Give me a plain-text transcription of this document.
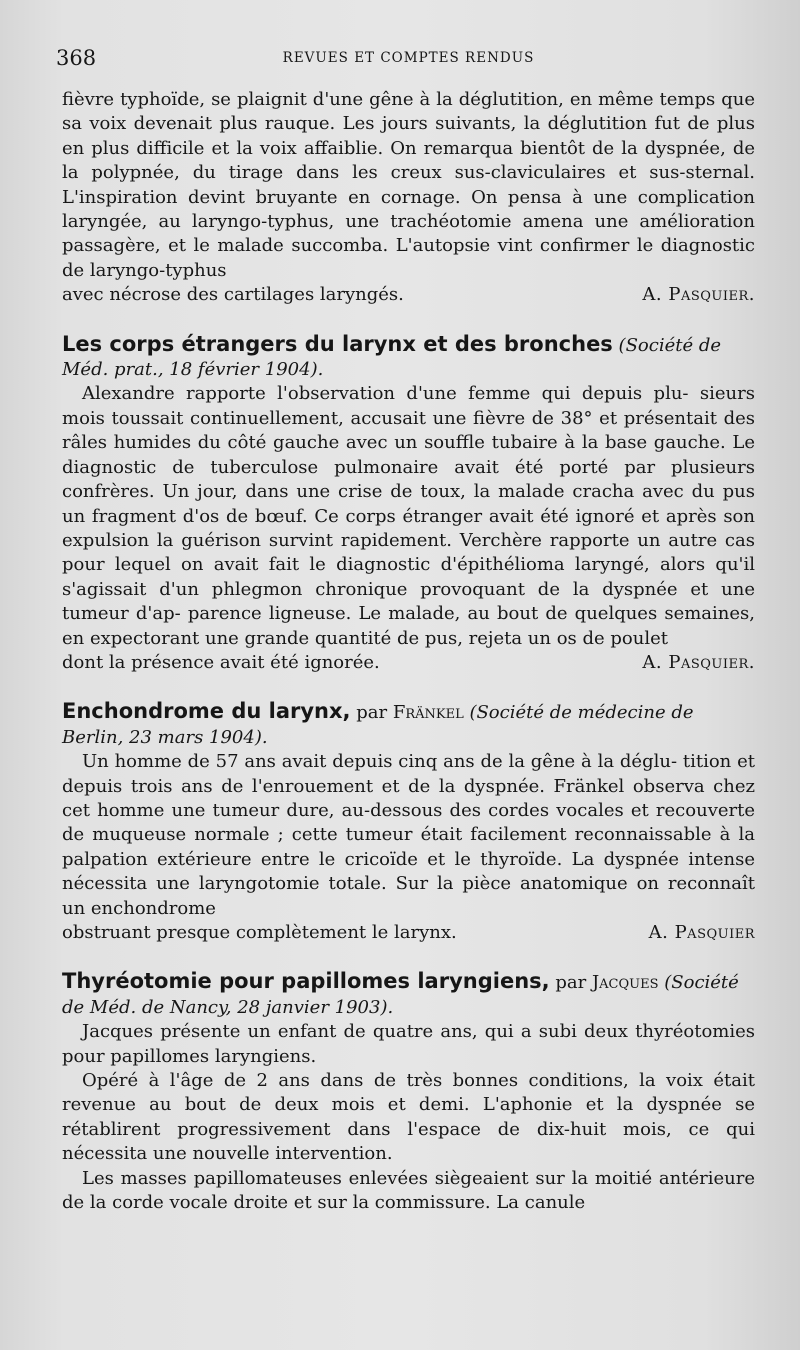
368	REVUES ET COMPTES RENDUS

fièvre typhoïde, se plaignit d'une gêne à la déglutition, en même temps que sa voix devenait plus rauque. Les jours suivants, la déglutition fut de plus en plus difficile et la voix affaiblie. On remarqua bientôt de la dyspnée, de la polypnée, du tirage dans les creux sus-claviculaires et sus-sternal. L'inspiration devint bruyante en cornage. On pensa à une complication laryngée, au laryngo-typhus, une trachéotomie amena une amélioration passagère, et le malade succomba. L'autopsie vint confirmer le diagnostic de laryngo-typhus

avec nécrose des cartilages laryngés.	A. Pasquier.

Les corps étrangers du larynx et des bronches (Société de Méd. prat., 18 février 1904).

Alexandre rapporte l'observation d'une femme qui depuis plu- sieurs mois toussait continuellement, accusait une fièvre de 38° et présentait des râles humides du côté gauche avec un souffle tubaire à la base gauche. Le diagnostic de tuberculose pulmonaire avait été porté par plusieurs confrères. Un jour, dans une crise de toux, la malade cracha avec du pus un fragment d'os de bœuf. Ce corps étranger avait été ignoré et après son expulsion la guérison survint rapidement. Verchère rapporte un autre cas pour lequel on avait fait le diagnostic d'épithélioma laryngé, alors qu'il s'agissait d'un phlegmon chronique provoquant de la dyspnée et une tumeur d'ap- parence ligneuse. Le malade, au bout de quelques semaines, en expectorant une grande quantité de pus, rejeta un os de poulet

dont la présence avait été ignorée.	A. Pasquier.

Enchondrome du larynx, par Fränkel (Société de médecine de Berlin, 23 mars 1904).

Un homme de 57 ans avait depuis cinq ans de la gêne à la déglu- tition et depuis trois ans de l'enrouement et de la dyspnée. Fränkel observa chez cet homme une tumeur dure, au-dessous des cordes vocales et recouverte de muqueuse normale ; cette tumeur était facilement reconnaissable à la palpation extérieure entre le cricoïde et le thyroïde. La dyspnée intense nécessita une laryngotomie totale. Sur la pièce anatomique on reconnaît un enchondrome

obstruant presque complètement le larynx.	A. Pasquier

Thyréotomie pour papillomes laryngiens, par Jacques (Société de Méd. de Nancy, 28 janvier 1903).

Jacques présente un enfant de quatre ans, qui a subi deux thyréotomies pour papillomes laryngiens.

Opéré à l'âge de 2 ans dans de très bonnes conditions, la voix était revenue au bout de deux mois et demi. L'aphonie et la dyspnée se rétablirent progressivement dans l'espace de dix-huit mois, ce qui nécessita une nouvelle intervention.

Les masses papillomateuses enlevées siègeaient sur la moitié antérieure de la corde vocale droite et sur la commissure. La canule
